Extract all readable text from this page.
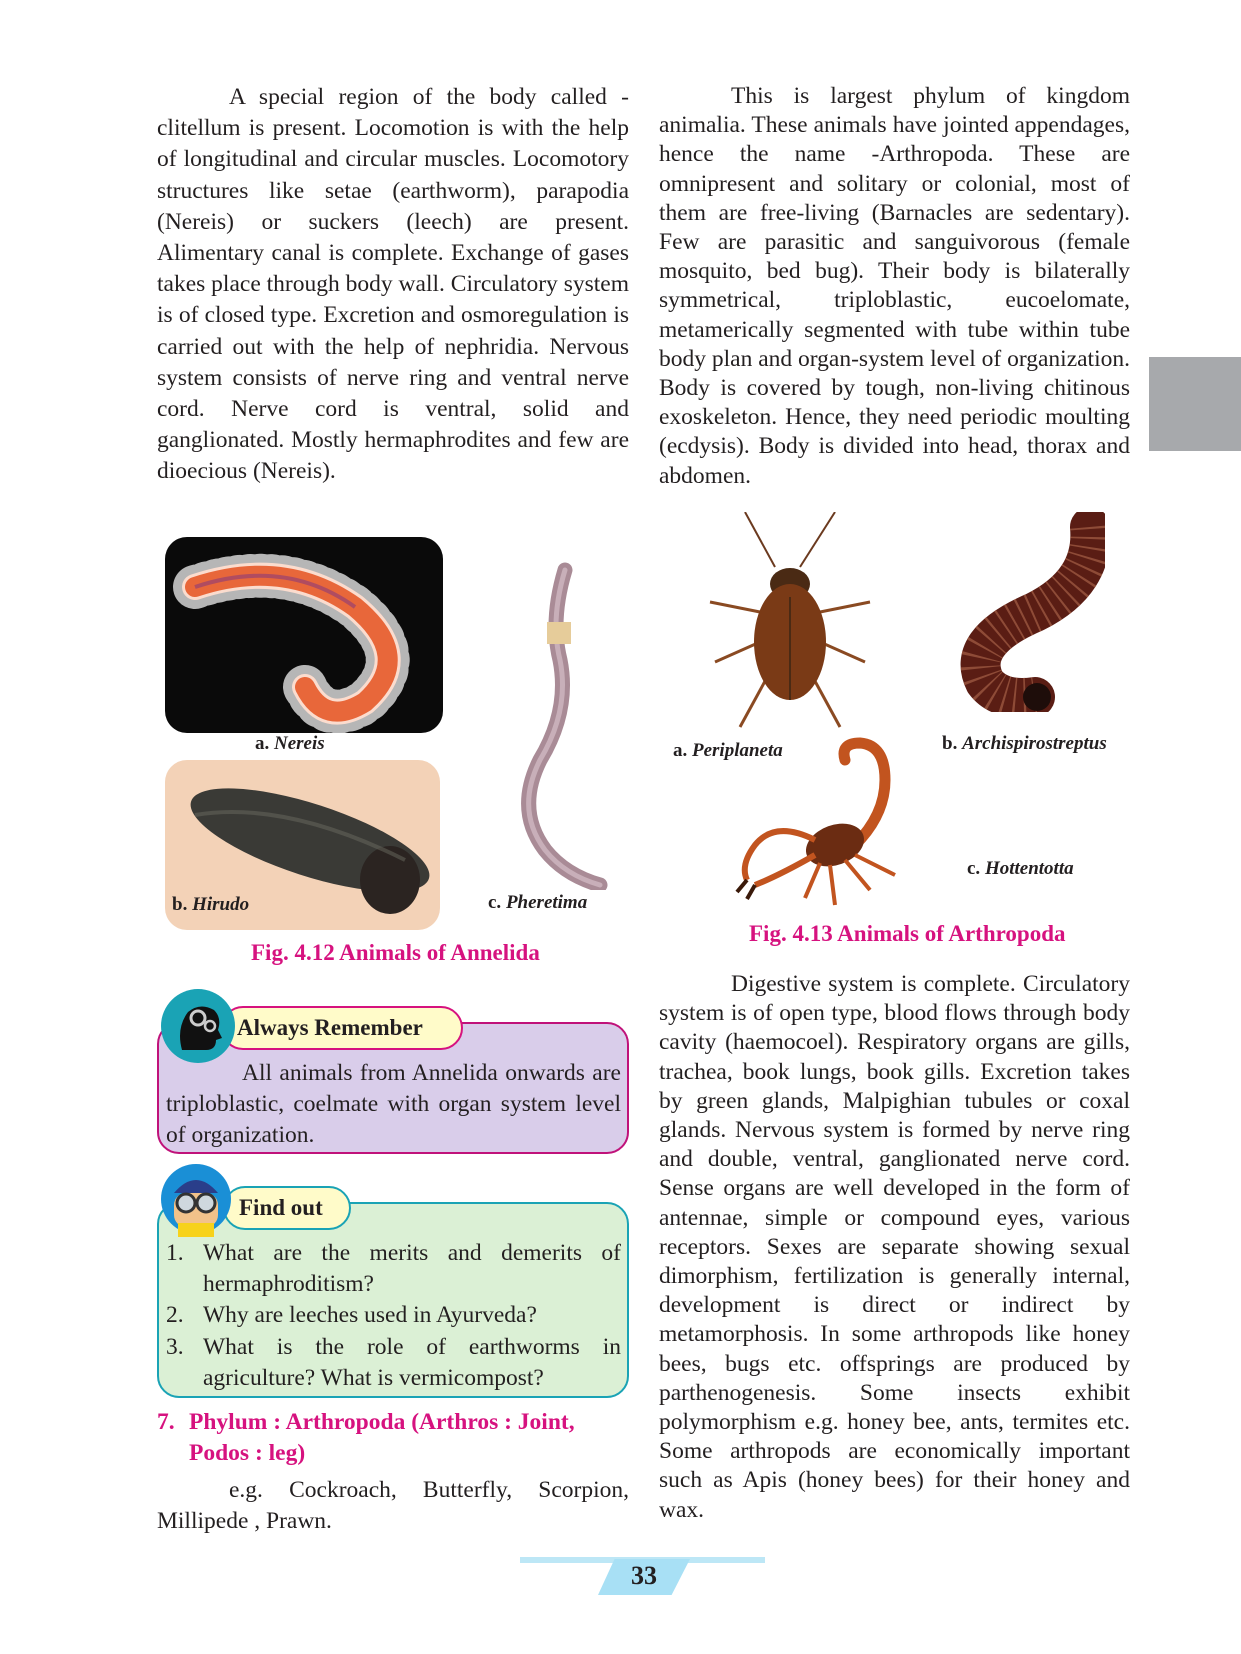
A special region of the body called - clitellum is present. Locomotion is with the help of longitudinal and circular muscles. Locomotory structures like setae (earthworm), parapodia (Nereis) or suckers (leech) are present. Alimentary canal is complete. Exchange of gases takes place through body wall. Circulatory system is of closed type. Excretion and osmoregulation is carried out with the help of nephridia. Nervous system consists of nerve ring and ventral nerve cord. Nerve cord is ventral, solid and ganglionated. Mostly hermaphrodites and few are dioecious (Nereis).

This is largest phylum of kingdom animalia. These animals have jointed appendages, hence the name -Arthropoda. These are omnipresent and solitary or colonial, most of them are free-living (Barnacles are sedentary). Few are parasitic and sanguivorous (female mosquito, bed bug). Their body is bilaterally symmetrical, triploblastic, eucoelomate, metamerically segmented with tube within tube body plan and organ-system level of organization. Body is covered by tough, non-living chitinous exoskeleton. Hence, they need periodic moulting (ecdysis). Body is divided into head, thorax and abdomen.

a. Nereis
b. Hirudo	c. Pheretima
Fig. 4.12 Animals of Annelida
a. Periplaneta	b. Archispirostreptus
c. Hottentotta
Fig. 4.13 Animals of Arthropoda
Always Remember

All animals from Annelida onwards are triploblastic, coelmate with organ system level of organization.

Find out
1. What are the merits and demerits of hermaphroditism?
2. Why are leeches used in Ayurveda?
3. What is the role of earthworms in agriculture? What is vermicompost?
7. Phylum : Arthropoda (Arthros : Joint, Podos : leg)

e.g. Cockroach, Butterfly, Scorpion, Millipede , Prawn.

Digestive system is complete. Circulatory system is of open type, blood flows through body cavity (haemocoel). Respiratory organs are gills, trachea, book lungs, book gills. Excretion takes by green glands, Malpighian tubules or coxal glands. Nervous system is formed by nerve ring and double, ventral, ganglionated nerve cord. Sense organs are well developed in the form of antennae, simple or compound eyes, various receptors. Sexes are separate showing sexual dimorphism, fertilization is generally internal, development is direct or indirect by metamorphosis. In some arthropods like honey bees, bugs etc. offsprings are produced by parthenogenesis. Some insects exhibit polymorphism e.g. honey bee, ants, termites etc. Some arthropods are economically important such as Apis (honey bees) for their honey and wax.

33
